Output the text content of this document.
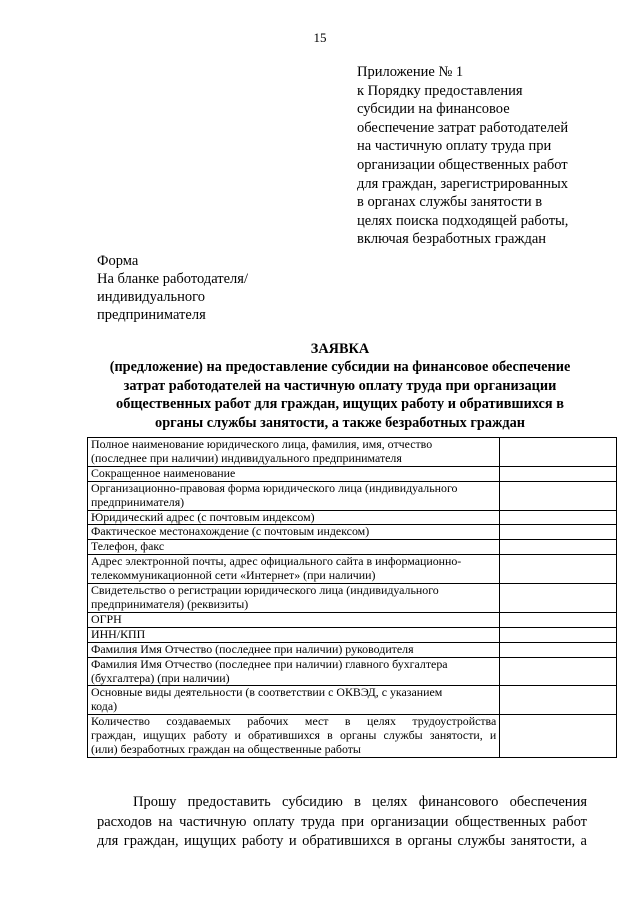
15
Приложение № 1
к Порядку предоставления
субсидии на финансовое
обеспечение затрат работодателей
на частичную оплату труда при
организации общественных работ
для граждан, зарегистрированных
в органах службы занятости в
целях поиска подходящей работы,
включая безработных граждан
Форма
На бланке работодателя/
индивидуального
предпринимателя
ЗАЯВКА
(предложение) на предоставление субсидии на финансовое обеспечение
затрат работодателей на частичную оплату труда при организации
общественных работ для граждан, ищущих работу и обратившихся в
органы службы занятости, а также безработных граждан
Полное наименование юридического лица, фамилия, имя, отчество
(последнее при наличии) индивидуального предпринимателя	

Сокращенное наименование	

Организационно-правовая форма юридического лица (индивидуального
предпринимателя)	

Юридический адрес (с почтовым индексом)	

Фактическое местонахождение (с почтовым индексом)	

Телефон, факс	

Адрес электронной почты, адрес официального сайта в информационно-
телекоммуникационной сети «Интернет» (при наличии)	

Свидетельство о регистрации юридического лица (индивидуального
предпринимателя) (реквизиты)	

ОГРН	

ИНН/КПП	

Фамилия Имя Отчество (последнее при наличии) руководителя	

Фамилия Имя Отчество (последнее при наличии) главного бухгалтера
(бухгалтера) (при наличии)	

Основные виды деятельности (в соответствии с ОКВЭД, с указанием
кода)	

Количество создаваемых рабочих мест в целях трудоустройства
граждан, ищущих работу и обратившихся в органы службы занятости, и
(или) безработных граждан на общественные работы	

Прошу предоставить субсидию в целях финансового обеспечения
расходов на частичную оплату труда при организации общественных работ
для граждан, ищущих работу и обратившихся в органы службы занятости, а
